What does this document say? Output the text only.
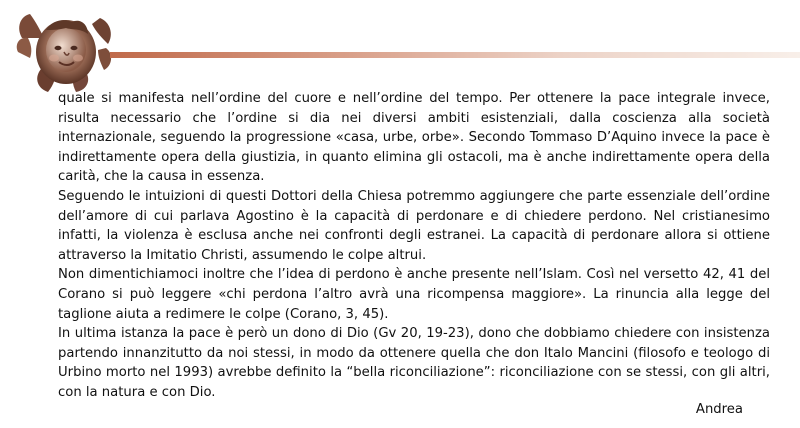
quale si manifesta nell’ordine del cuore e nell’ordine del tempo. Per ottenere la pace integrale invece, risulta necessario che l’ordine si dia nei diversi ambiti esistenziali, dalla coscienza alla società internazionale, seguendo la progressione «casa, urbe, orbe». Secondo Tommaso D’Aquino invece la pace è indirettamente opera della giustizia, in quanto elimina gli ostacoli, ma è anche indirettamente opera della carità, che la causa in essenza.

Seguendo le intuizioni di questi Dottori della Chiesa potremmo aggiungere che parte essenziale dell’ordine dell’amore di cui parlava Agostino è la capacità di perdonare e di chiedere perdono. Nel cristianesimo infatti, la violenza è esclusa anche nei confronti degli estranei. La capacità di perdonare allora si ottiene attraverso la Imitatio Christi, assumendo le colpe altrui.

Non dimentichiamoci inoltre che l’idea di perdono è anche presente nell’Islam. Così nel versetto 42, 41 del Corano si può leggere «chi perdona l’altro avrà una ricompensa maggiore». La rinuncia alla legge del taglione aiuta a redimere le colpe (Corano, 3, 45).

In ultima istanza la pace è però un dono di Dio (Gv 20, 19-23), dono che dobbiamo chiedere con insistenza partendo innanzitutto da noi stessi, in modo da ottenere quella che don Italo Mancini (filosofo e teologo di Urbino morto nel 1993) avrebbe definito la “bella riconciliazione”: riconciliazione con se stessi, con gli altri, con la natura e con Dio.

Andrea
